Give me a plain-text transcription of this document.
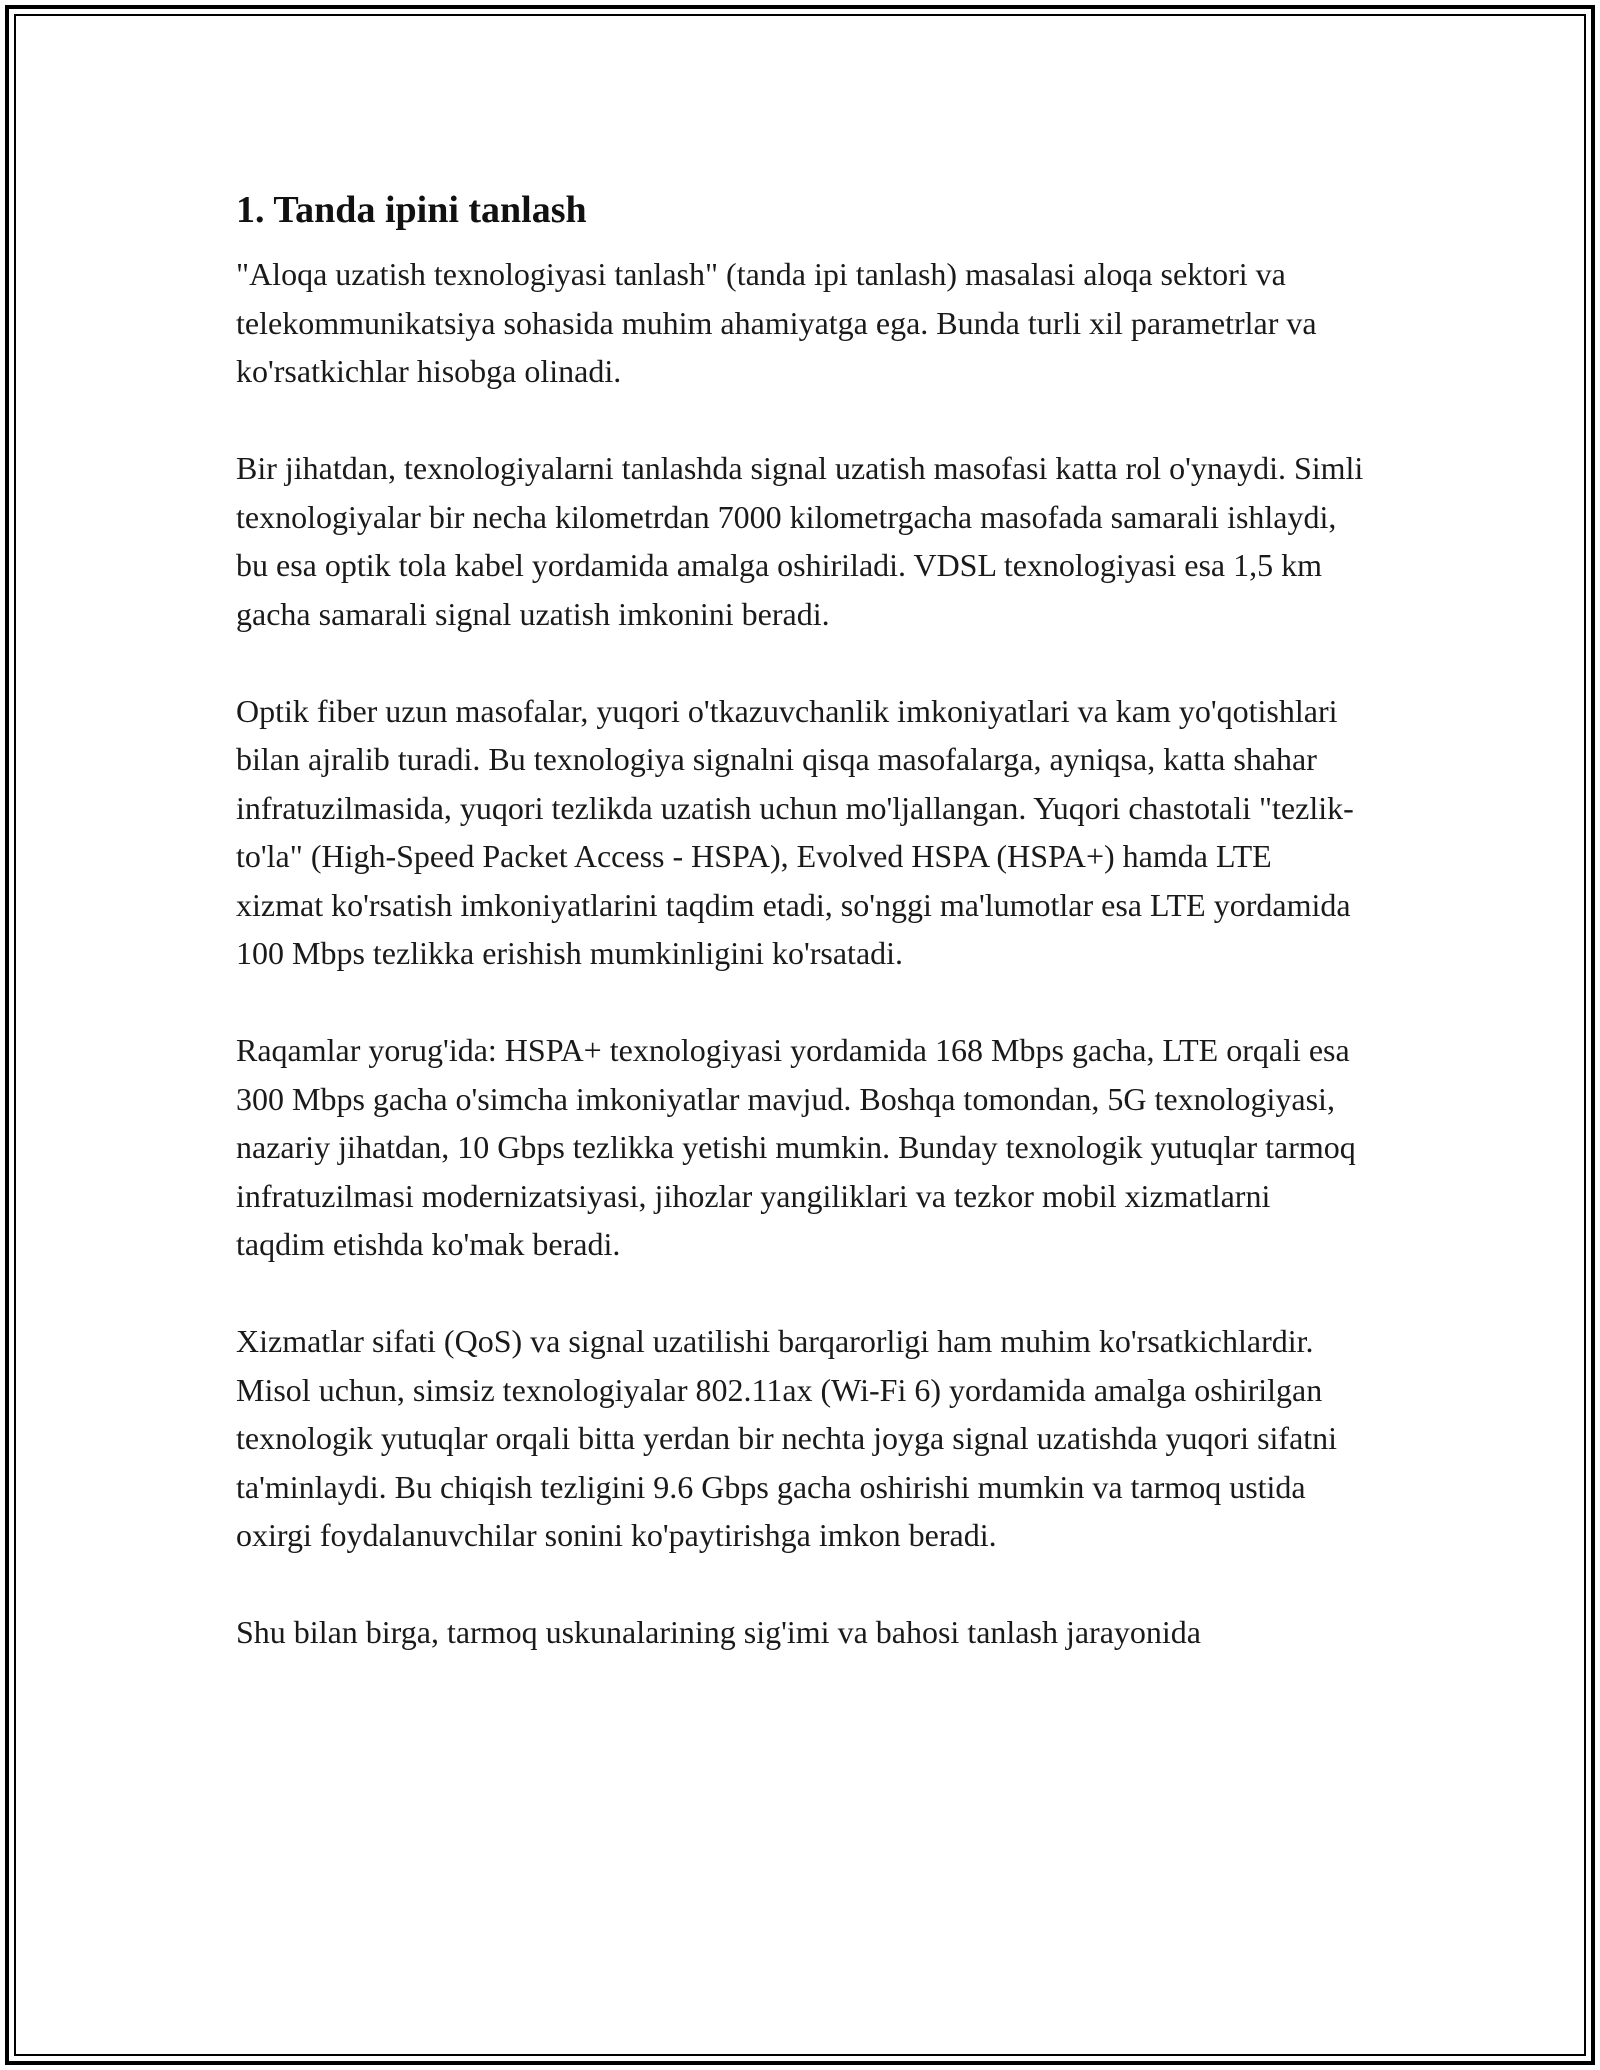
1. Tanda ipini tanlash

"Aloqa uzatish texnologiyasi tanlash" (tanda ipi tanlash) masalasi aloqa sektori va telekommunikatsiya sohasida muhim ahamiyatga ega. Bunda turli xil parametrlar va ko'rsatkichlar hisobga olinadi.

Bir jihatdan, texnologiyalarni tanlashda signal uzatish masofasi katta rol o'ynaydi. Simli texnologiyalar bir necha kilometrdan 7000 kilometrgacha masofada samarali ishlaydi, bu esa optik tola kabel yordamida amalga oshiriladi. VDSL texnologiyasi esa 1,5 km gacha samarali signal uzatish imkonini beradi.

Optik fiber uzun masofalar, yuqori o'tkazuvchanlik imkoniyatlari va kam yo'qotishlari bilan ajralib turadi. Bu texnologiya signalni qisqa masofalarga, ayniqsa, katta shahar infratuzilmasida, yuqori tezlikda uzatish uchun mo'ljallangan. Yuqori chastotali "tezlik-to'la" (High-Speed Packet Access - HSPA), Evolved HSPA (HSPA+) hamda LTE xizmat ko'rsatish imkoniyatlarini taqdim etadi, so'nggi ma'lumotlar esa LTE yordamida 100 Mbps tezlikka erishish mumkinligini ko'rsatadi.

Raqamlar yorug'ida: HSPA+ texnologiyasi yordamida 168 Mbps gacha, LTE orqali esa 300 Mbps gacha o'simcha imkoniyatlar mavjud. Boshqa tomondan, 5G texnologiyasi, nazariy jihatdan, 10 Gbps tezlikka yetishi mumkin. Bunday texnologik yutuqlar tarmoq infratuzilmasi modernizatsiyasi, jihozlar yangiliklari va tezkor mobil xizmatlarni taqdim etishda ko'mak beradi.

Xizmatlar sifati (QoS) va signal uzatilishi barqarorligi ham muhim ko'rsatkichlardir. Misol uchun, simsiz texnologiyalar 802.11ax (Wi-Fi 6) yordamida amalga oshirilgan texnologik yutuqlar orqali bitta yerdan bir nechta joyga signal uzatishda yuqori sifatni ta'minlaydi. Bu chiqish tezligini 9.6 Gbps gacha oshirishi mumkin va tarmoq ustida oxirgi foydalanuvchilar sonini ko'paytirishga imkon beradi.

Shu bilan birga, tarmoq uskunalarining sig'imi va bahosi tanlash jarayonida
